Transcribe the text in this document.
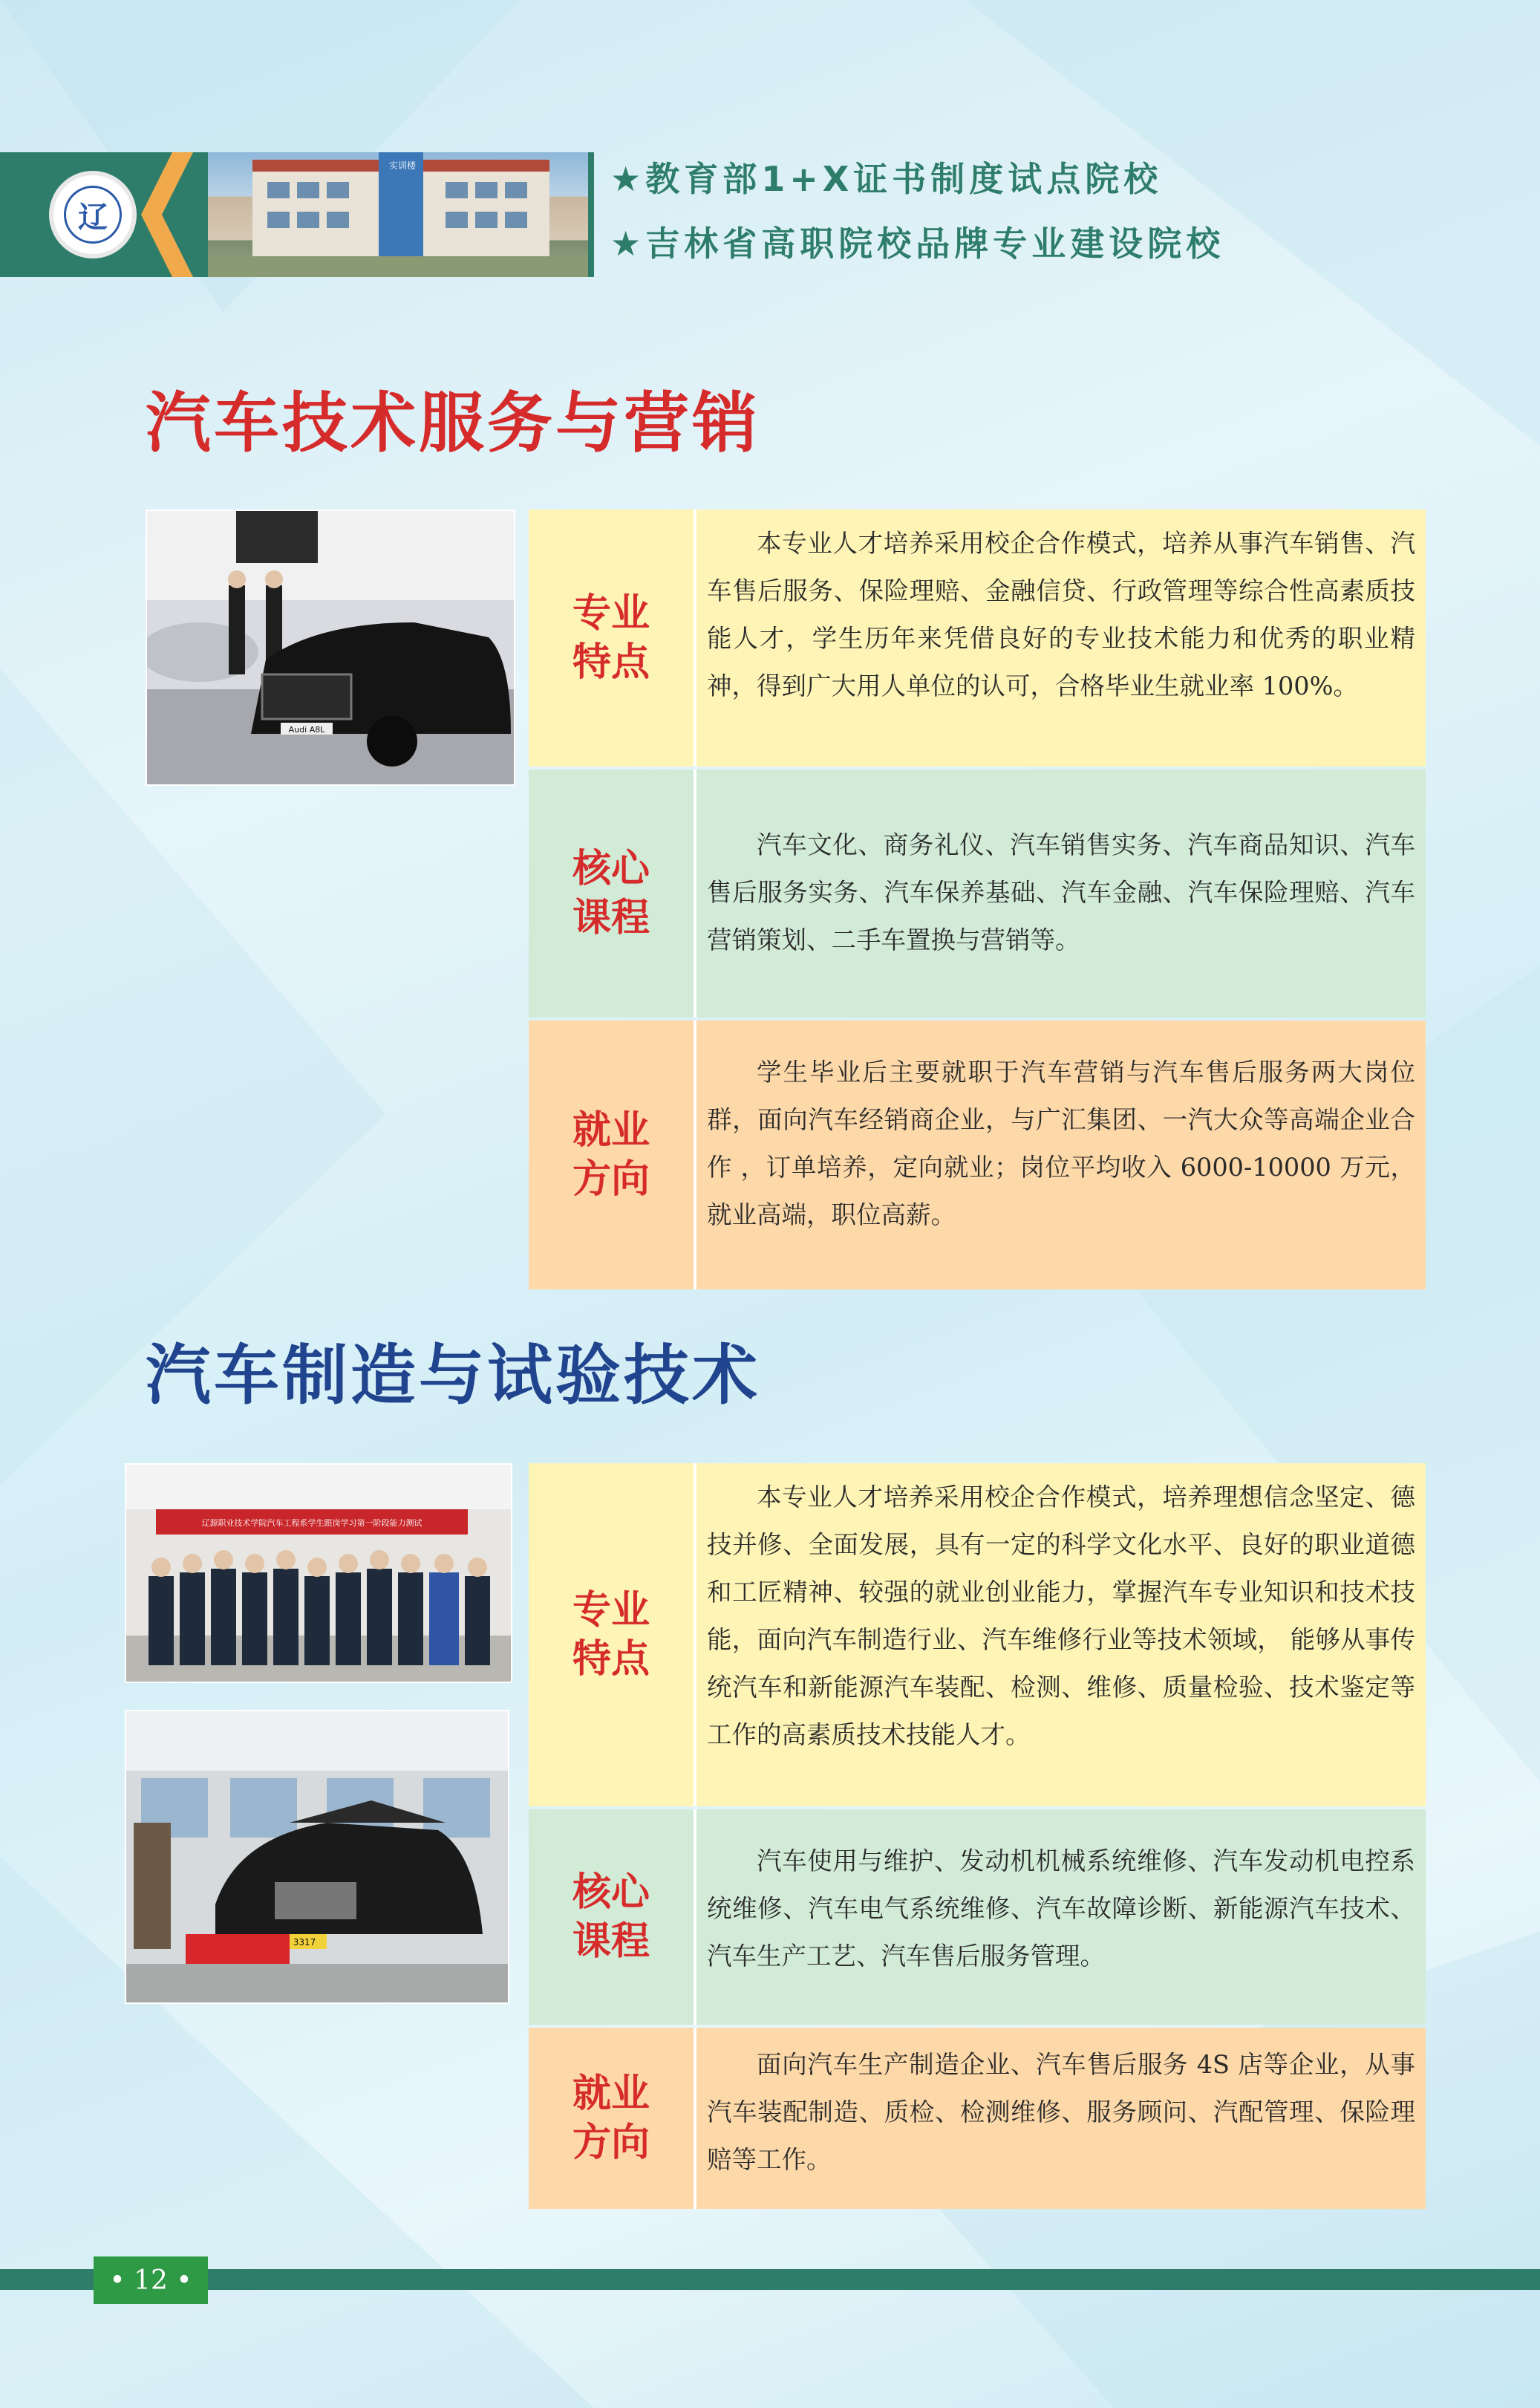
辽
实训楼	★教育部1+X证书制度试点院校
★吉林省高职院校品牌专业建设院校
汽车技术服务与营销
Audi A8L
专业
特点

本专业人才培养采用校企合作模式，培养从事汽车销售、汽车售后服务、保险理赔、金融信贷、行政管理等综合性高素质技能人才，学生历年来凭借良好的专业技术能力和优秀的职业精神，得到广大用人单位的认可，合格毕业生就业率 100%。

核心
课程

汽车文化、商务礼仪、汽车销售实务、汽车商品知识、汽车售后服务实务、汽车保养基础、汽车金融、汽车保险理赔、汽车营销策划、二手车置换与营销等。

就业
方向

学生毕业后主要就职于汽车营销与汽车售后服务两大岗位群，面向汽车经销商企业，与广汇集团、一汽大众等高端企业合作 ，订单培养，定向就业；岗位平均收入 6000-10000 万元，就业高端，职位高薪。

汽车制造与试验技术
辽源职业技术学院汽车工程系学生跟岗学习第一阶段能力测试
3317
专业
特点

本专业人才培养采用校企合作模式，培养理想信念坚定、德技并修、全面发展，具有一定的科学文化水平、良好的职业道德和工匠精神、较强的就业创业能力，掌握汽车专业知识和技术技能，面向汽车制造行业、汽车维修行业等技术领域， 能够从事传统汽车和新能源汽车装配、检测、维修、质量检验、技术鉴定等工作的高素质技术技能人才。

核心
课程

汽车使用与维护、发动机机械系统维修、汽车发动机电控系统维修、汽车电气系统维修、汽车故障诊断、新能源汽车技术、汽车生产工艺、汽车售后服务管理。

就业
方向

面向汽车生产制造企业、汽车售后服务 4S 店等企业，从事汽车装配制造、质检、检测维修、服务顾问、汽配管理、保险理赔等工作。

• 12 •
